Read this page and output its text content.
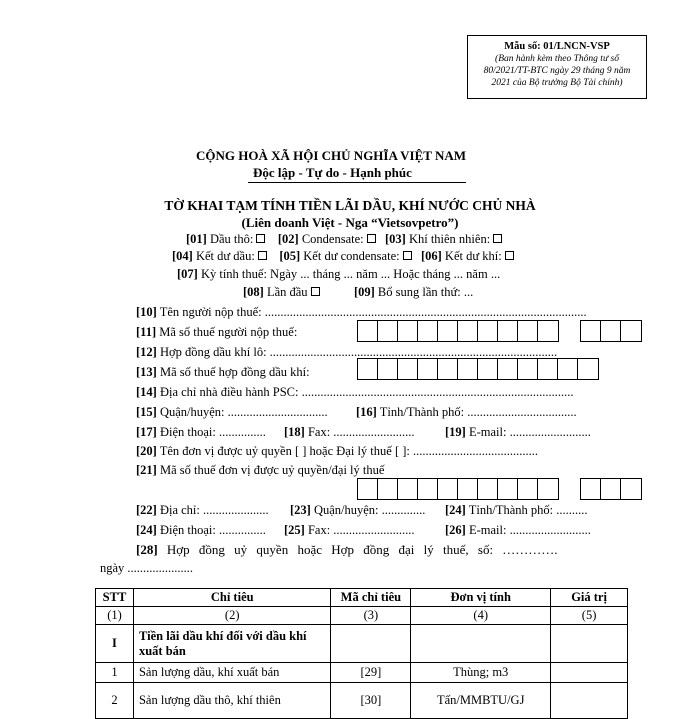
Mẫu số: 01/LNCN-VSP
(Ban hành kèm theo Thông tư số
80/2021/TT-BTC ngày 29 tháng 9 năm
2021 của Bộ trưởng Bộ Tài chính)
CỘNG HOÀ XÃ HỘI CHỦ NGHĨA VIỆT NAM
Độc lập - Tự do - Hạnh phúc
TỜ KHAI TẠM TÍNH TIỀN LÃI DẦU, KHÍ NƯỚC CHỦ NHÀ
(Liên doanh Việt - Nga “Vietsovpetro”)
[01] Dầu thô: [02] Condensate: [03] Khí thiên nhiên:
[04] Kết dư dầu: [05] Kết dư condensate: [06] Kết dư khí:
[07] Kỳ tính thuế: Ngày ... tháng ... năm ... Hoặc tháng ... năm ...
[08] Lần đầu	[09] Bổ sung lần thứ: ...
[10] Tên người nộp thuế: .......................................................................................................
[11] Mã số thuế người nộp thuế:
[12] Hợp đồng dầu khí lô: ............................................................................................
[13] Mã số thuế hợp đồng dầu khí:
[14] Địa chỉ nhà điều hành PSC: .......................................................................................
[15] Quận/huyện: ................................ [16] Tỉnh/Thành phố: ...................................
[17] Điện thoại: ............... [18] Fax: .......................... [19] E-mail: ..........................
[20] Tên đơn vị được uỷ quyền [ ] hoặc Đại lý thuế [ ]: ........................................
[21] Mã số thuế đơn vị được uỷ quyền/đại lý thuế
[22] Địa chỉ: ..................... [23] Quận/huyện: .............. [24] Tỉnh/Thành phố: ..........
[24] Điện thoại: ............... [25] Fax: .......................... [26] E-mail: ..........................
[28] Hợp đồng uỷ quyền hoặc Hợp đồng đại lý thuế, số: ………….
ngày .....................
STT	Chỉ tiêu	Mã chỉ tiêu	Đơn vị tính	Giá trị
(1)	(2)	(3)	(4)	(5)
I	Tiền lãi dầu khí đối với dầu khí xuất bán			
1	Sản lượng dầu, khí xuất bán	[29]	Thùng; m3	
2	Sản lượng dầu thô, khí thiên	[30]	Tấn/MMBTU/GJ	
